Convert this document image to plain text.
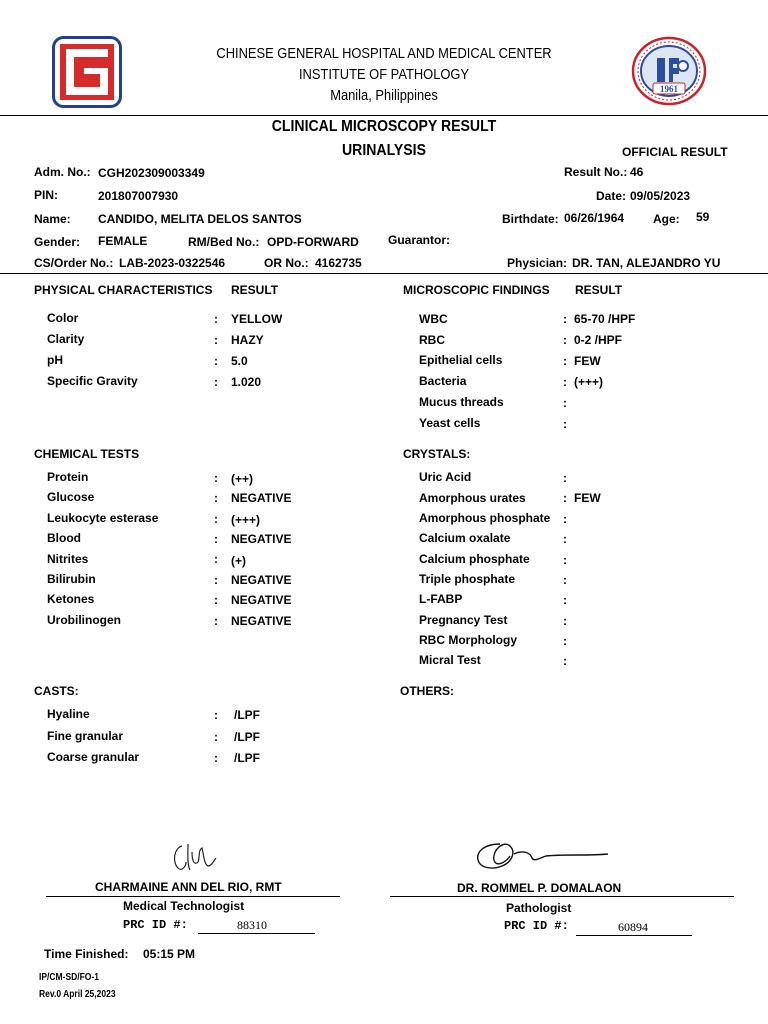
CHINESE GENERAL HOSPITAL AND MEDICAL CENTER
INSTITUTE OF PATHOLOGY
Manila, Philippines	1961
CLINICAL MICROSCOPY RESULT
URINALYSIS	OFFICIAL RESULT
Adm. No.: CGH202309003349	Result No.: 46
PIN:	201807007930	Date: 09/05/2023
Name: CANDIDO, MELITA DELOS SANTOS	Birthdate: 06/26/1964 Age: 59
Gender: FEMALE	RM/Bed No.: OPD-FORWARD Guarantor:
CS/Order No.: LAB-2023-0322546	OR No.: 4162735	Physician: DR. TAN, ALEJANDRO YU
PHYSICAL CHARACTERISTICS RESULT
Color	: YELLOW
Clarity	: HAZY
pH	: 5.0
Specific Gravity	: 1.020
CHEMICAL TESTS
Protein	: (++)
Glucose	: NEGATIVE
Leukocyte esterase	: (+++)
Blood	: NEGATIVE
Nitrites	: (+)
Bilirubin	: NEGATIVE
Ketones	: NEGATIVE
Urobilinogen	: NEGATIVE
CASTS:
Hyaline	: /LPF
Fine granular	: /LPF
Coarse granular	: /LPF
MICROSCOPIC FINDINGS RESULT
WBC	: 65-70 /HPF
RBC	: 0-2 /HPF
Epithelial cells	: FEW
Bacteria	: (+++)
Mucus threads	:
Yeast cells	:
CRYSTALS:
Uric Acid	:
Amorphous urates	: FEW
Amorphous phosphate :
Calcium oxalate	:
Calcium phosphate	:
Triple phosphate	:
L-FABP	:
Pregnancy Test	:
RBC Morphology	:
Micral Test	:
OTHERS:
CHARMAINE ANN DEL RIO, RMT
Medical Technologist
PRC ID #:	88310
DR. ROMMEL P. DOMALAON
Pathologist
PRC ID #:	60894
Time Finished: 05:15 PM
IP/CM-SD/FO-1
Rev.0 April 25,2023
